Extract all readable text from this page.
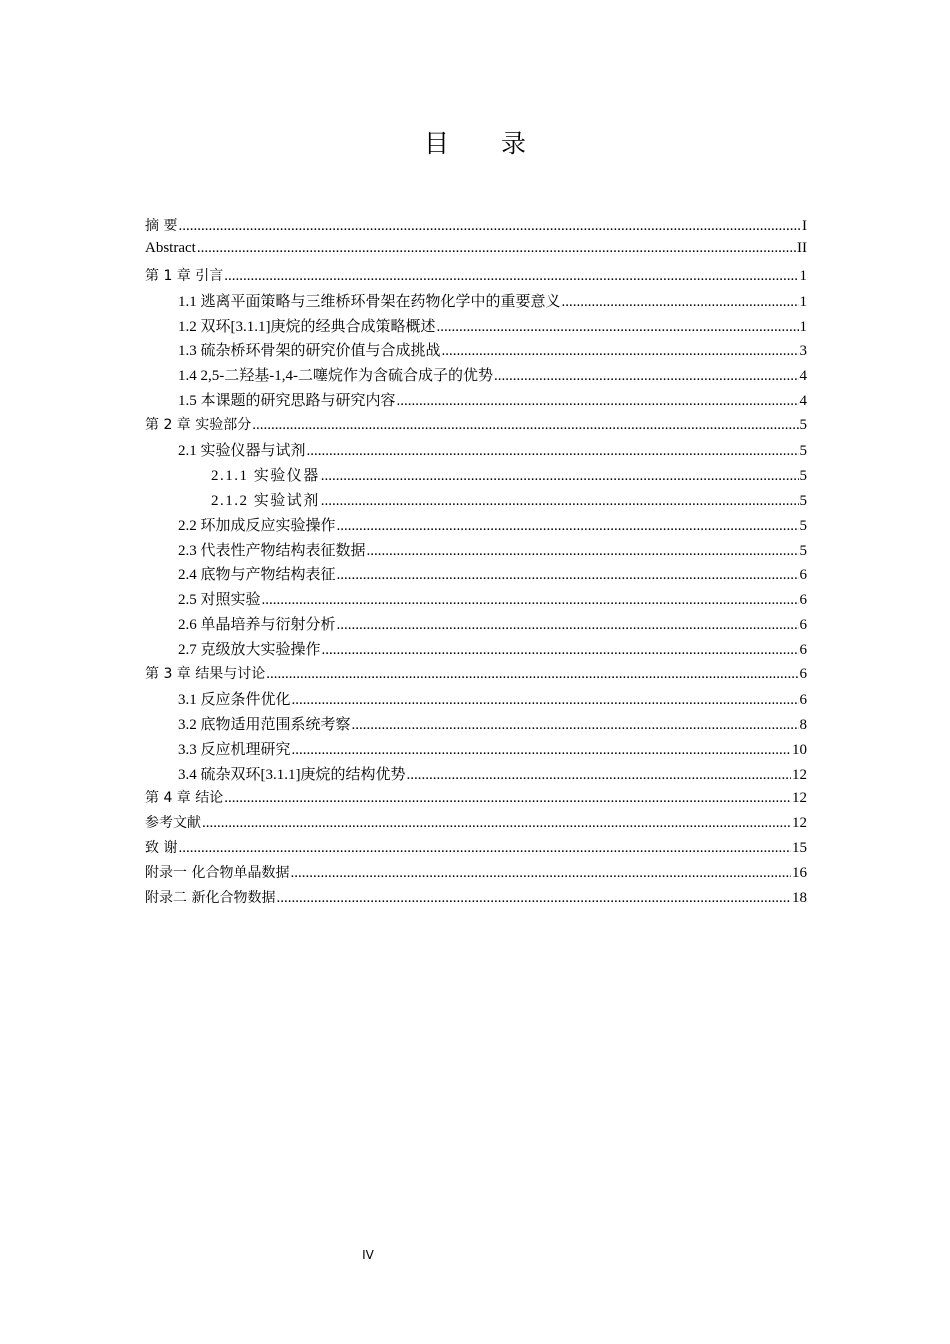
目 录
摘 要 .....	I
Abstract .....	II
第 1 章 引言 .....	1
1.1 逃离平面策略与三维桥环骨架在药物化学中的重要意义 .....	1
1.2 双环[3.1.1]庚烷的经典合成策略概述 .....	1
1.3 硫杂桥环骨架的研究价值与合成挑战 .....	3
1.4 2,5-二羟基-1,4-二噻烷作为含硫合成子的优势 .....	4
1.5 本课题的研究思路与研究内容 .....	4
第 2 章 实验部分 .....	5
2.1 实验仪器与试剂 .....	5
2.1.1 实验仪器 .....	5
2.1.2 实验试剂 .....	5
2.2 环加成反应实验操作 .....	5
2.3 代表性产物结构表征数据 .....	5
2.4 底物与产物结构表征 .....	6
2.5 对照实验 .....	6
2.6 单晶培养与衍射分析 .....	6
2.7 克级放大实验操作 .....	6
第 3 章 结果与讨论 .....	6
3.1 反应条件优化 .....	6
3.2 底物适用范围系统考察 .....	8
3.3 反应机理研究 .....	10
3.4 硫杂双环[3.1.1]庚烷的结构优势 .....	12
第 4 章 结论 .....	12
参考文献 .....	12
致 谢 .....	15
附录一 化合物单晶数据 .....	16
附录二 新化合物数据 .....	18
IV
